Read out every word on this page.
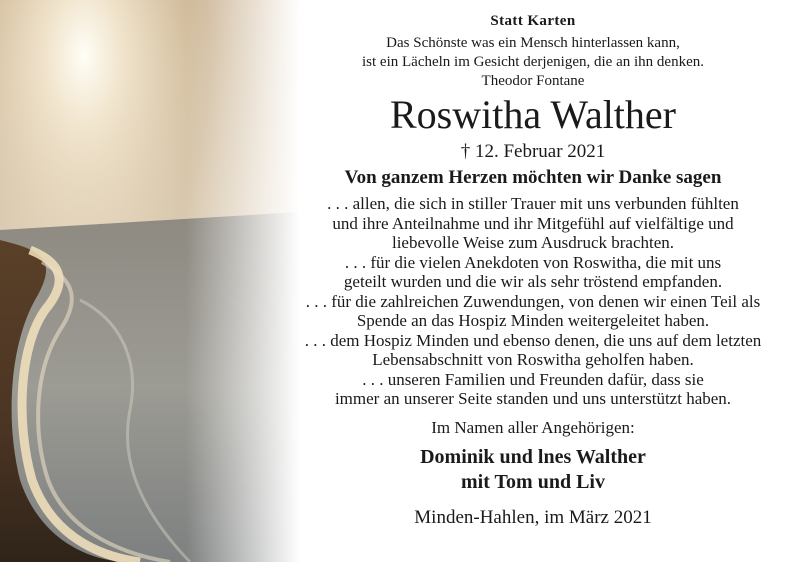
Statt Karten
Das Schönste was ein Mensch hinterlassen kann,
ist ein Lächeln im Gesicht derjenigen, die an ihn denken.
Theodor Fontane
Roswitha Walther
† 12. Februar 2021
Von ganzem Herzen möchten wir Danke sagen
. . . allen, die sich in stiller Trauer mit uns verbunden fühlten
und ihre Anteilnahme und ihr Mitgefühl auf vielfältige und
liebevolle Weise zum Ausdruck brachten.
. . . für die vielen Anekdoten von Roswitha, die mit uns
geteilt wurden und die wir als sehr tröstend empfanden.
. . . für die zahlreichen Zuwendungen, von denen wir einen Teil als
Spende an das Hospiz Minden weitergeleitet haben.
. . . dem Hospiz Minden und ebenso denen, die uns auf dem letzten
Lebensabschnitt von Roswitha geholfen haben.
. . . unseren Familien und Freunden dafür, dass sie
immer an unserer Seite standen und uns unterstützt haben.
Im Namen aller Angehörigen:
Dominik und lnes Walther
mit Tom und Liv
Minden-Hahlen, im März 2021
